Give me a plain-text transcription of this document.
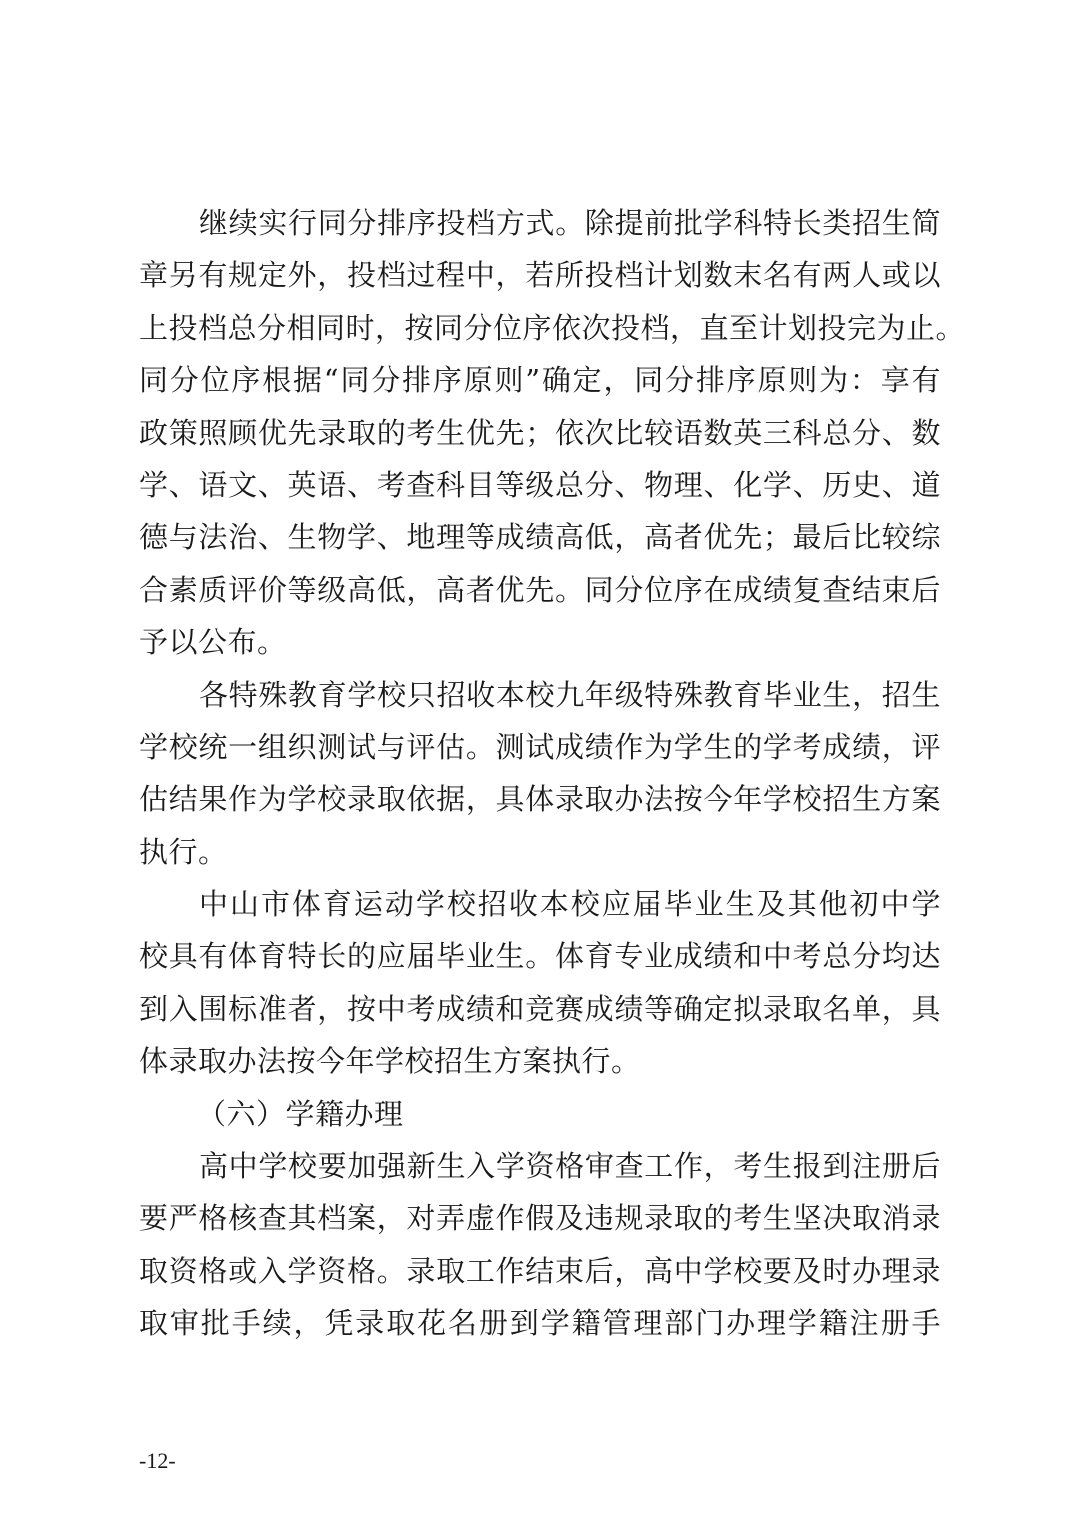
继续实行同分排序投档方式。除提前批学科特长类招生简
章另有规定外，投档过程中，若所投档计划数末名有两人或以
上投档总分相同时，按同分位序依次投档，直至计划投完为止。
同分位序根据“同分排序原则”确定，同分排序原则为：享有
政策照顾优先录取的考生优先；依次比较语数英三科总分、数
学、语文、英语、考查科目等级总分、物理、化学、历史、道
德与法治、生物学、地理等成绩高低，高者优先；最后比较综
合素质评价等级高低，高者优先。同分位序在成绩复查结束后
予以公布。
各特殊教育学校只招收本校九年级特殊教育毕业生，招生
学校统一组织测试与评估。测试成绩作为学生的学考成绩，评
估结果作为学校录取依据，具体录取办法按今年学校招生方案
执行。
中山市体育运动学校招收本校应届毕业生及其他初中学
校具有体育特长的应届毕业生。体育专业成绩和中考总分均达
到入围标准者，按中考成绩和竞赛成绩等确定拟录取名单，具
体录取办法按今年学校招生方案执行。
（六）学籍办理
高中学校要加强新生入学资格审查工作，考生报到注册后
要严格核查其档案，对弄虚作假及违规录取的考生坚决取消录
取资格或入学资格。录取工作结束后，高中学校要及时办理录
取审批手续，凭录取花名册到学籍管理部门办理学籍注册手
-12-
